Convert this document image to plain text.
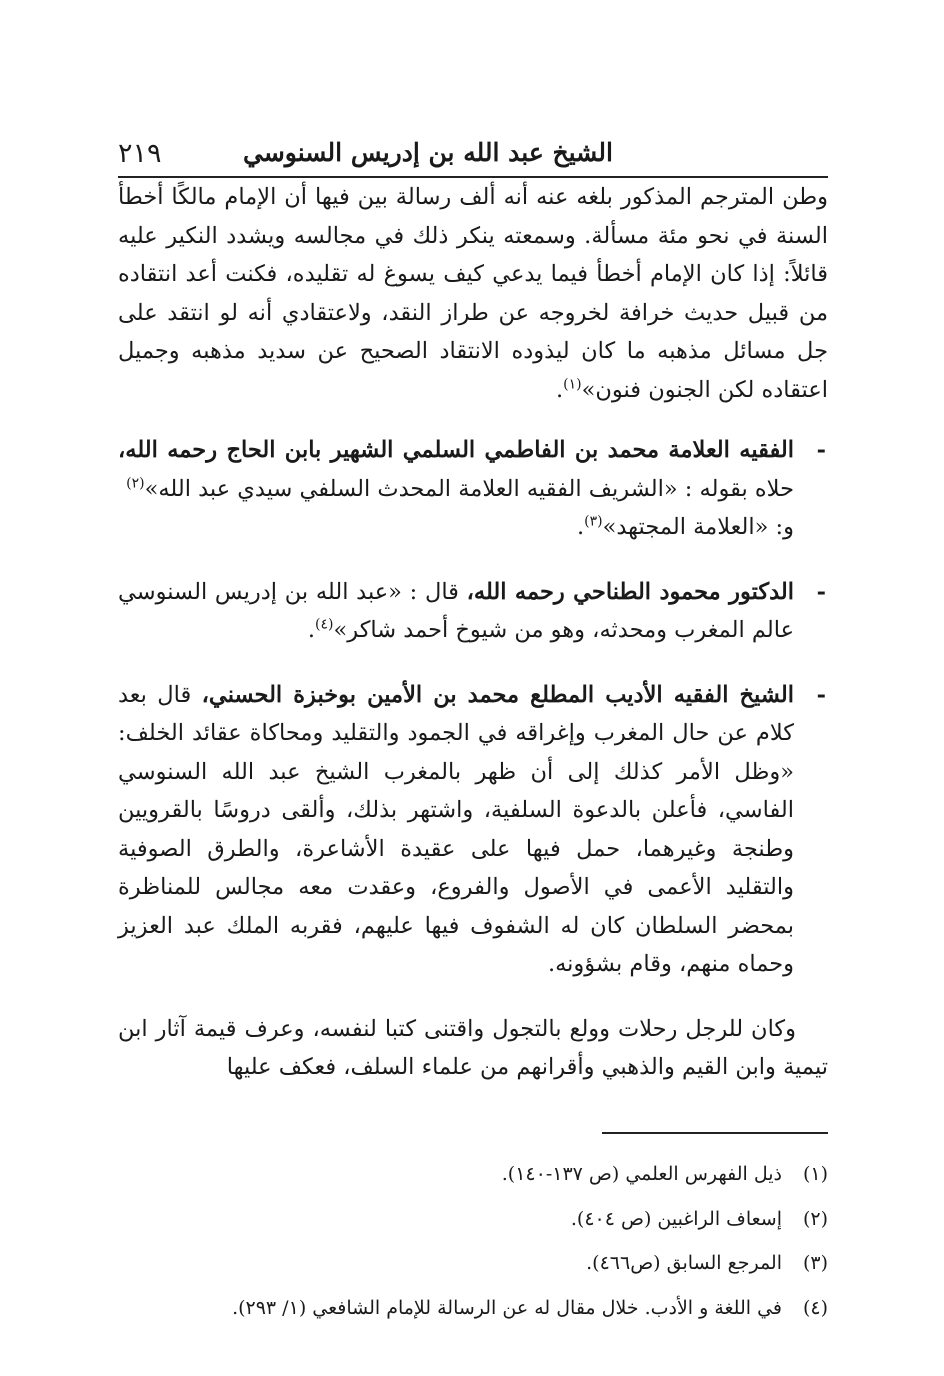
الشيخ عبد الله بن إدريس السنوسي
٢١٩

وطن المترجم المذكور بلغه عنه أنه ألف رسالة بين فيها أن الإمام مالكًا أخطأ السنة في نحو مئة مسألة. وسمعته ينكر ذلك في مجالسه ويشدد النكير عليه قائلاً: إذا كان الإمام أخطأ فيما يدعي كيف يسوغ له تقليده، فكنت أعد انتقاده من قبيل حديث خرافة لخروجه عن طراز النقد، ولاعتقادي أنه لو انتقد على جل مسائل مذهبه ما كان ليذوده الانتقاد الصحيح عن سديد مذهبه وجميل اعتقاده لكن الجنون فنون»$^{(١)}$.

-
الفقيه العلامة محمد بن الفاطمي السلمي الشهير بابن الحاج رحمه الله، حلاه بقوله : «الشريف الفقيه العلامة المحدث السلفي سيدي عبد الله»$^{(٢)}$
و: «العلامة المجتهد»$^{(٣)}$.
-
الدكتور محمود الطناحي رحمه الله، قال : «عبد الله بن إدريس السنوسي عالم المغرب ومحدثه، وهو من شيوخ أحمد شاكر»$^{(٤)}$.
-
الشيخ الفقيه الأديب المطلع محمد بن الأمين بوخبزة الحسني، قال بعد كلام عن حال المغرب وإغراقه في الجمود والتقليد ومحاكاة عقائد الخلف: «وظل الأمر كذلك إلى أن ظهر بالمغرب الشيخ عبد الله السنوسي الفاسي، فأعلن بالدعوة السلفية، واشتهر بذلك، وألقى دروسًا بالقرويين وطنجة وغيرهما، حمل فيها على عقيدة الأشاعرة، والطرق الصوفية والتقليد الأعمى في الأصول والفروع، وعقدت معه مجالس للمناظرة بمحضر السلطان كان له الشفوف فيها عليهم، فقربه الملك عبد العزيز وحماه منهم، وقام بشؤونه.

وكان للرجل رحلات وولع بالتجول واقتنى كتبا لنفسه، وعرف قيمة آثار ابن تيمية وابن القيم والذهبي وأقرانهم من علماء السلف، فعكف عليها

(١)
ذيل الفهرس العلمي (ص ١٣٧-١٤٠).
(٢)
إسعاف الراغبين (ص ٤٠٤).
(٣)
المرجع السابق (ص٤٦٦).
(٤)
في اللغة و الأدب. خلال مقال له عن الرسالة للإمام الشافعي (١/ ٢٩٣).
